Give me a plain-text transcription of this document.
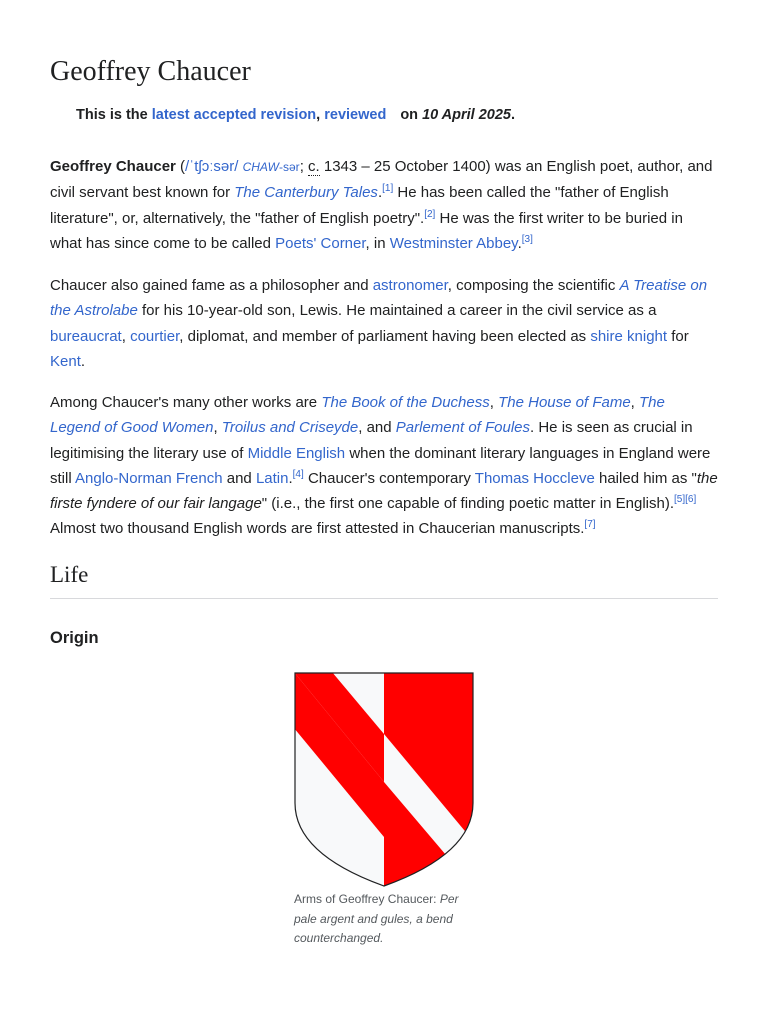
Geoffrey Chaucer
This is the latest accepted revision, reviewed on 10 April 2025.

Geoffrey Chaucer (/ˈtʃɔːsər/ CHAW-sər; c. 1343 – 25 October 1400) was an English poet, author, and civil servant best known for The Canterbury Tales.[1] He has been called the "father of English literature", or, alternatively, the "father of English poetry".[2] He was the first writer to be buried in what has since come to be called Poets' Corner, in Westminster Abbey.[3]

Chaucer also gained fame as a philosopher and astronomer, composing the scientific A Treatise on the Astrolabe for his 10-year-old son, Lewis. He maintained a career in the civil service as a bureaucrat, courtier, diplomat, and member of parliament having been elected as shire knight for Kent.

Among Chaucer's many other works are The Book of the Duchess, The House of Fame, The Legend of Good Women, Troilus and Criseyde, and Parlement of Foules. He is seen as crucial in legitimising the literary use of Middle English when the dominant literary languages in England were still Anglo-Norman French and Latin.[4] Chaucer's contemporary Thomas Hoccleve hailed him as "the firste fyndere of our fair langage" (i.e., the first one capable of finding poetic matter in English).[5][6] Almost two thousand English words are first attested in Chaucerian manuscripts.[7]

Life
Origin
Arms of Geoffrey Chaucer: Per pale argent and gules, a bend counterchanged.
